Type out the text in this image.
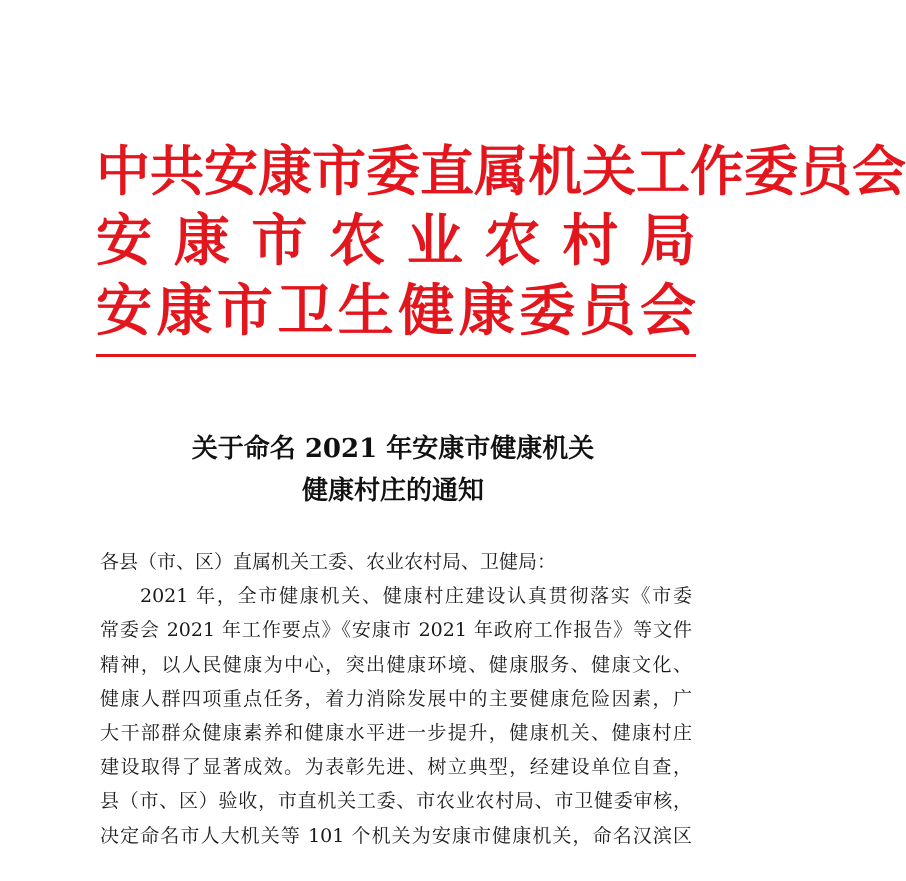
中 共 安 康 市 委 直 属 机 关 工 作 委 员 会
安 康 市 农 业 农 村 局
安 康 市 卫 生 健 康 委 员 会
关于命名 2021 年安康市健康机关
健康村庄的通知
各县（市、区）直属机关工委、农业农村局、卫健局：
2021 年，全市健康机关、健康村庄建设认真贯彻落实《市委
常委会 2021 年工作要点》《安康市 2021 年政府工作报告》等文件
精神，以人民健康为中心，突出健康环境、健康服务、健康文化、
健康人群四项重点任务，着力消除发展中的主要健康危险因素，广
大干部群众健康素养和健康水平进一步提升，健康机关、健康村庄
建设取得了显著成效。为表彰先进、树立典型，经建设单位自查，
县（市、区）验收，市直机关工委、市农业农村局、市卫健委审核，
决定命名市人大机关等 101 个机关为安康市健康机关，命名汉滨区
